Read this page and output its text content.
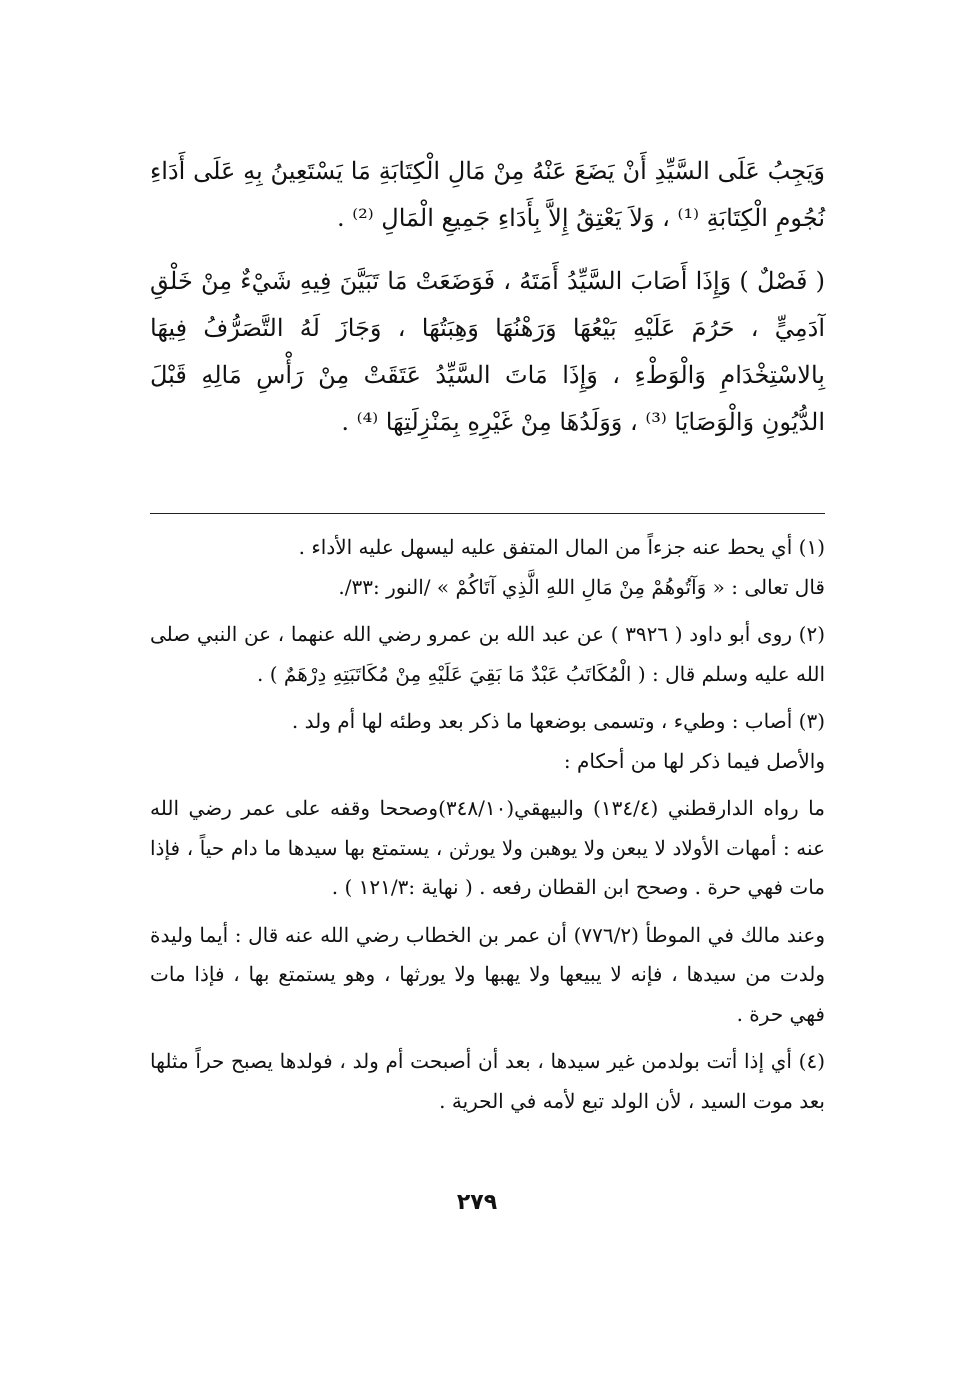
وَيَجِبُ عَلَى السَّيِّدِ أَنْ يَضَعَ عَنْهُ مِنْ مَالِ الْكِتَابَةِ مَا يَسْتَعِينُ بِهِ عَلَى أَدَاءِ نُجُومِ الْكِتَابَةِ ⁽¹⁾ ، وَلاَ يَعْتِقُ إِلاَّ بِأَدَاءِ جَمِيعِ الْمَالِ ⁽²⁾ .

( فَصْلٌ ) وَإِذَا أَصَابَ السَّيِّدُ أَمَتَهُ ، فَوَضَعَتْ مَا تَبَيَّنَ فِيهِ شَيْءٌ مِنْ خَلْقِ آدَمِيٍّ ، حَرُمَ عَلَيْهِ بَيْعُهَا وَرَهْنُهَا وَهِبَتُهَا ، وَجَازَ لَهُ التَّصَرُّفُ فِيهَا بِالاسْتِخْدَامِ وَالْوَطْءِ ، وَإِذَا مَاتَ السَّيِّدُ عَتَقَتْ مِنْ رَأْسِ مَالِهِ قَبْلَ الدُّيُونِ وَالْوَصَايَا ⁽³⁾ ، وَوَلَدُهَا مِنْ غَيْرِهِ بِمَنْزِلَتِهَا ⁽⁴⁾ .

(١) أي يحط عنه جزءاً من المال المتفق عليه ليسهل عليه الأداء .

قال تعالى : « وَآتُوهُمْ مِنْ مَالِ اللهِ الَّذِي آتَاكُمْ » /النور :٣٣/.

(٢) روى أبو داود ( ٣٩٢٦ ) عن عبد الله بن عمرو رضي الله عنهما ، عن النبي صلى الله عليه وسلم قال : ( الْمُكَاتَبُ عَبْدٌ مَا بَقِيَ عَلَيْهِ مِنْ مُكَاتَبَتِهِ دِرْهَمٌ ) .

(٣) أصاب : وطيء ، وتسمى بوضعها ما ذكر بعد وطئه لها أم ولد .

والأصل فيما ذكر لها من أحكام :

ما رواه الدارقطني (١٣٤/٤) والبيهقي(٣٤٨/١٠)وصححا وقفه على عمر رضي الله عنه : أمهات الأولاد لا يبعن ولا يوهبن ولا يورثن ، يستمتع بها سيدها ما دام حياً ، فإذا مات فهي حرة . وصحح ابن القطان رفعه . ( نهاية :١٢١/٣ ) .

وعند مالك في الموطأ (٧٧٦/٢) أن عمر بن الخطاب رضي الله عنه قال : أيما وليدة ولدت من سيدها ، فإنه لا يبيعها ولا يهبها ولا يورثها ، وهو يستمتع بها ، فإذا مات فهي حرة .

(٤) أي إذا أتت بولدمن غير سيدها ، بعد أن أصبحت أم ولد ، فولدها يصبح حراً مثلها بعد موت السيد ، لأن الولد تبع لأمه في الحرية .

٢٧٩
